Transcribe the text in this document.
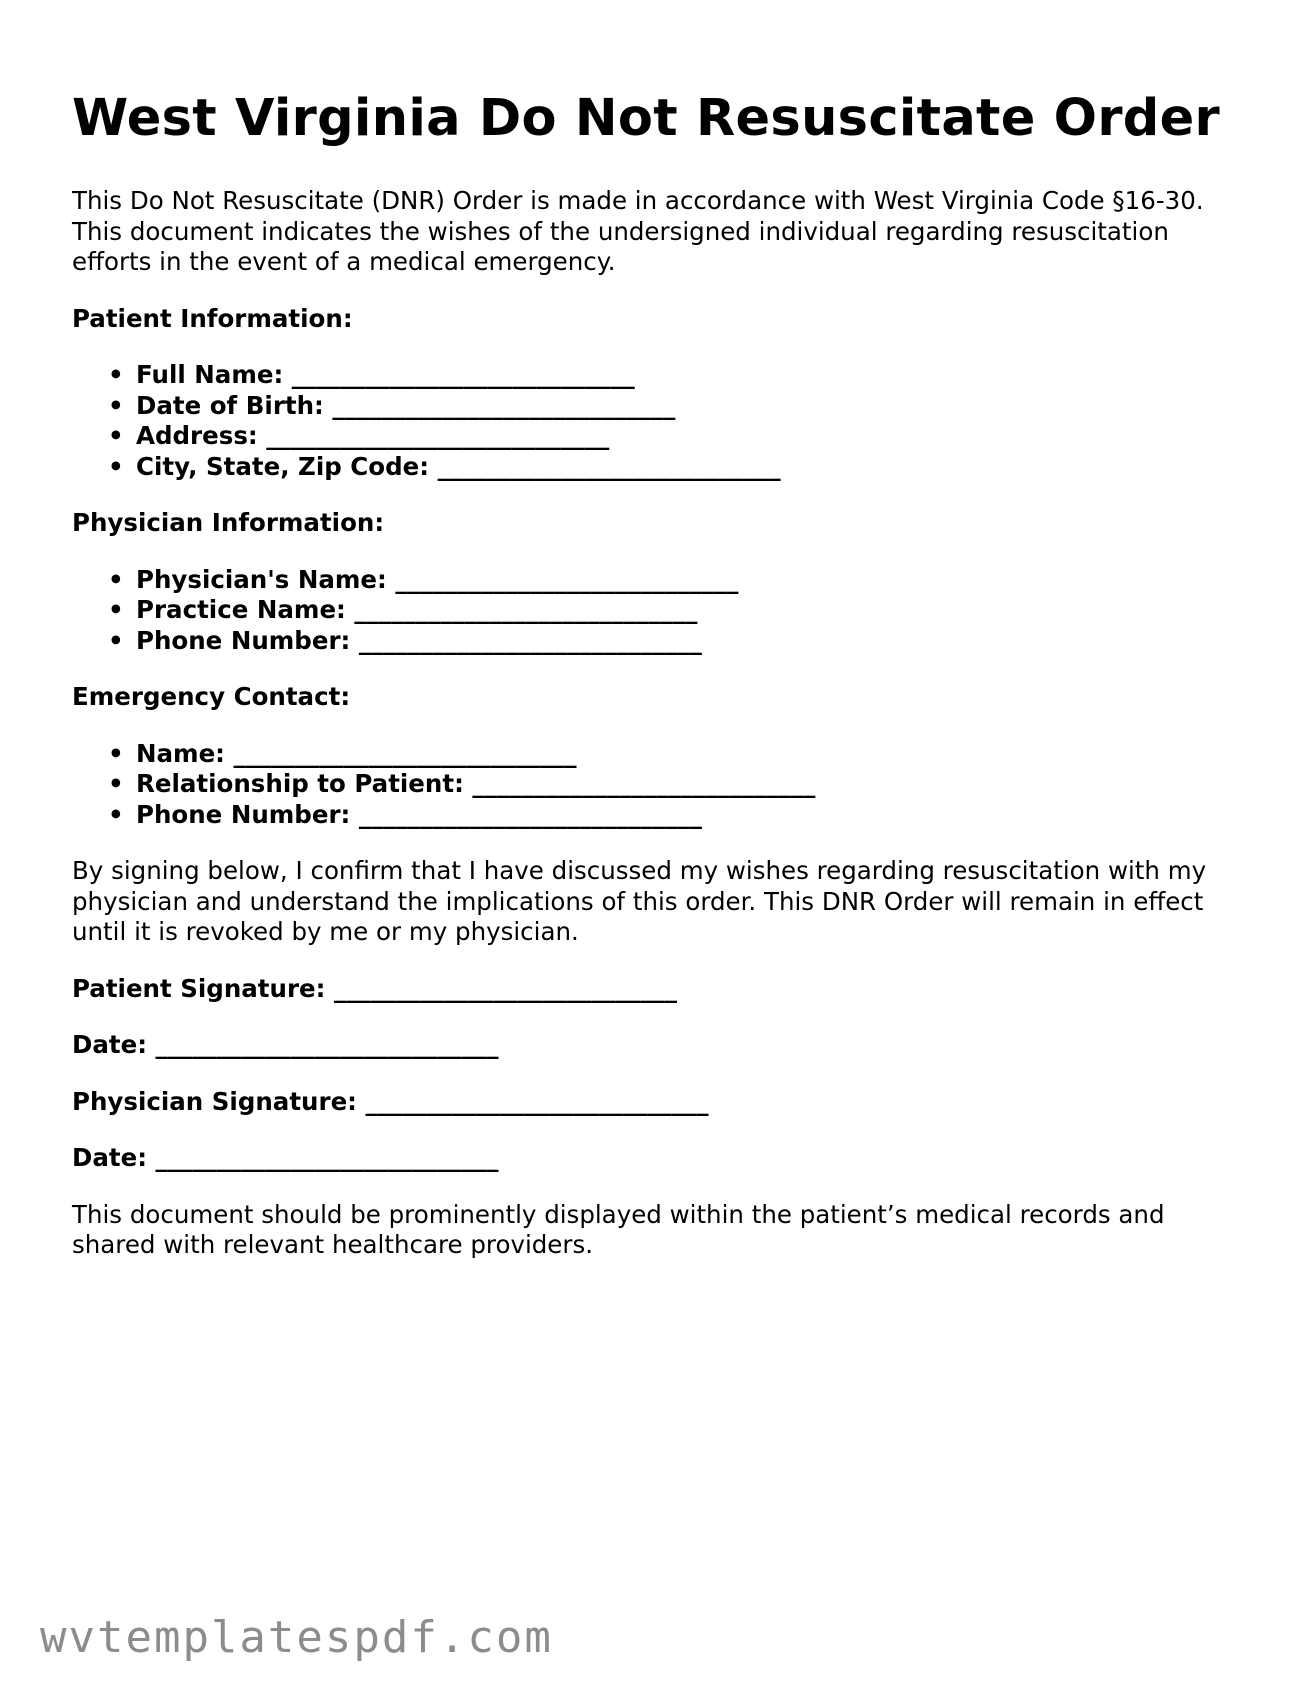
West Virginia Do Not Resuscitate Order

This Do Not Resuscitate (DNR) Order is made in accordance with West Virginia Code §16-30. This document indicates the wishes of the undersigned individual regarding resuscitation efforts in the event of a medical emergency.

Patient Information:
• Full Name: ____________________________
• Date of Birth: ____________________________
• Address: ____________________________
• City, State, Zip Code: ____________________________
Physician Information:
• Physician's Name: ____________________________
• Practice Name: ____________________________
• Phone Number: ____________________________
Emergency Contact:
• Name: ____________________________
• Relationship to Patient: ____________________________
• Phone Number: ____________________________

By signing below, I confirm that I have discussed my wishes regarding resuscitation with my physician and understand the implications of this order. This DNR Order will remain in effect until it is revoked by me or my physician.

Patient Signature: ____________________________
Date: ____________________________
Physician Signature: ____________________________
Date: ____________________________

This document should be prominently displayed within the patient’s medical records and shared with relevant healthcare providers.

wvtemplatespdf.com
